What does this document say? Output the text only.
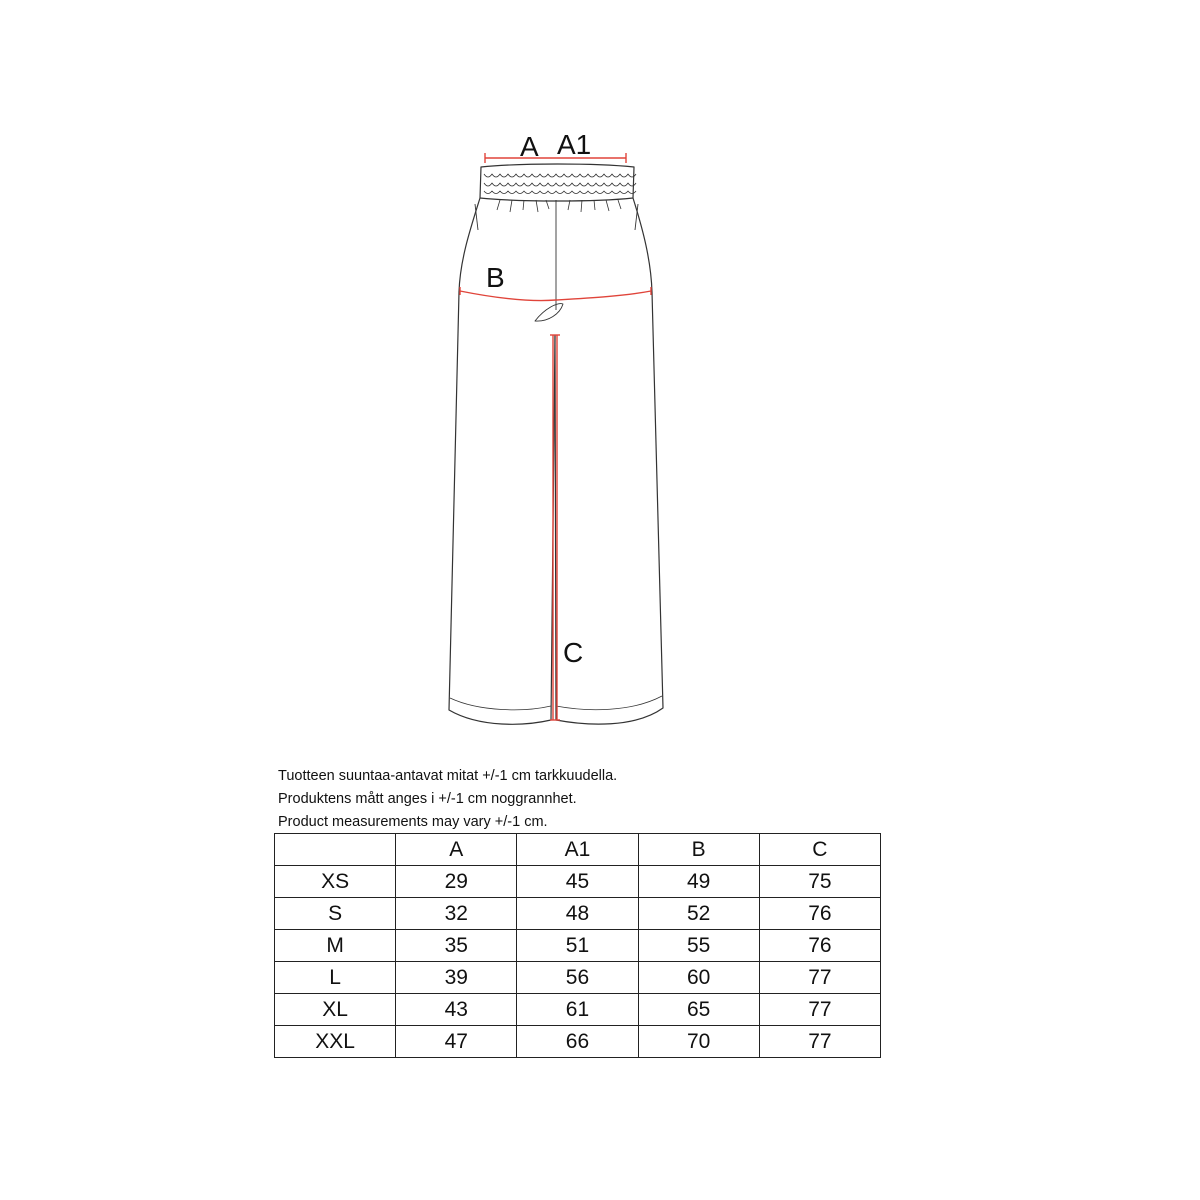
A A1
B
C
Tuotteen suuntaa-antavat mitat +/-1 cm tarkkuudella.
Produktens mått anges i +/-1 cm noggrannhet.
Product measurements may vary +/-1 cm.
	A	A1	B	C
XS	29	45	49	75
S	32	48	52	76
M	35	51	55	76
L	39	56	60	77
XL	43	61	65	77
XXL	47	66	70	77
